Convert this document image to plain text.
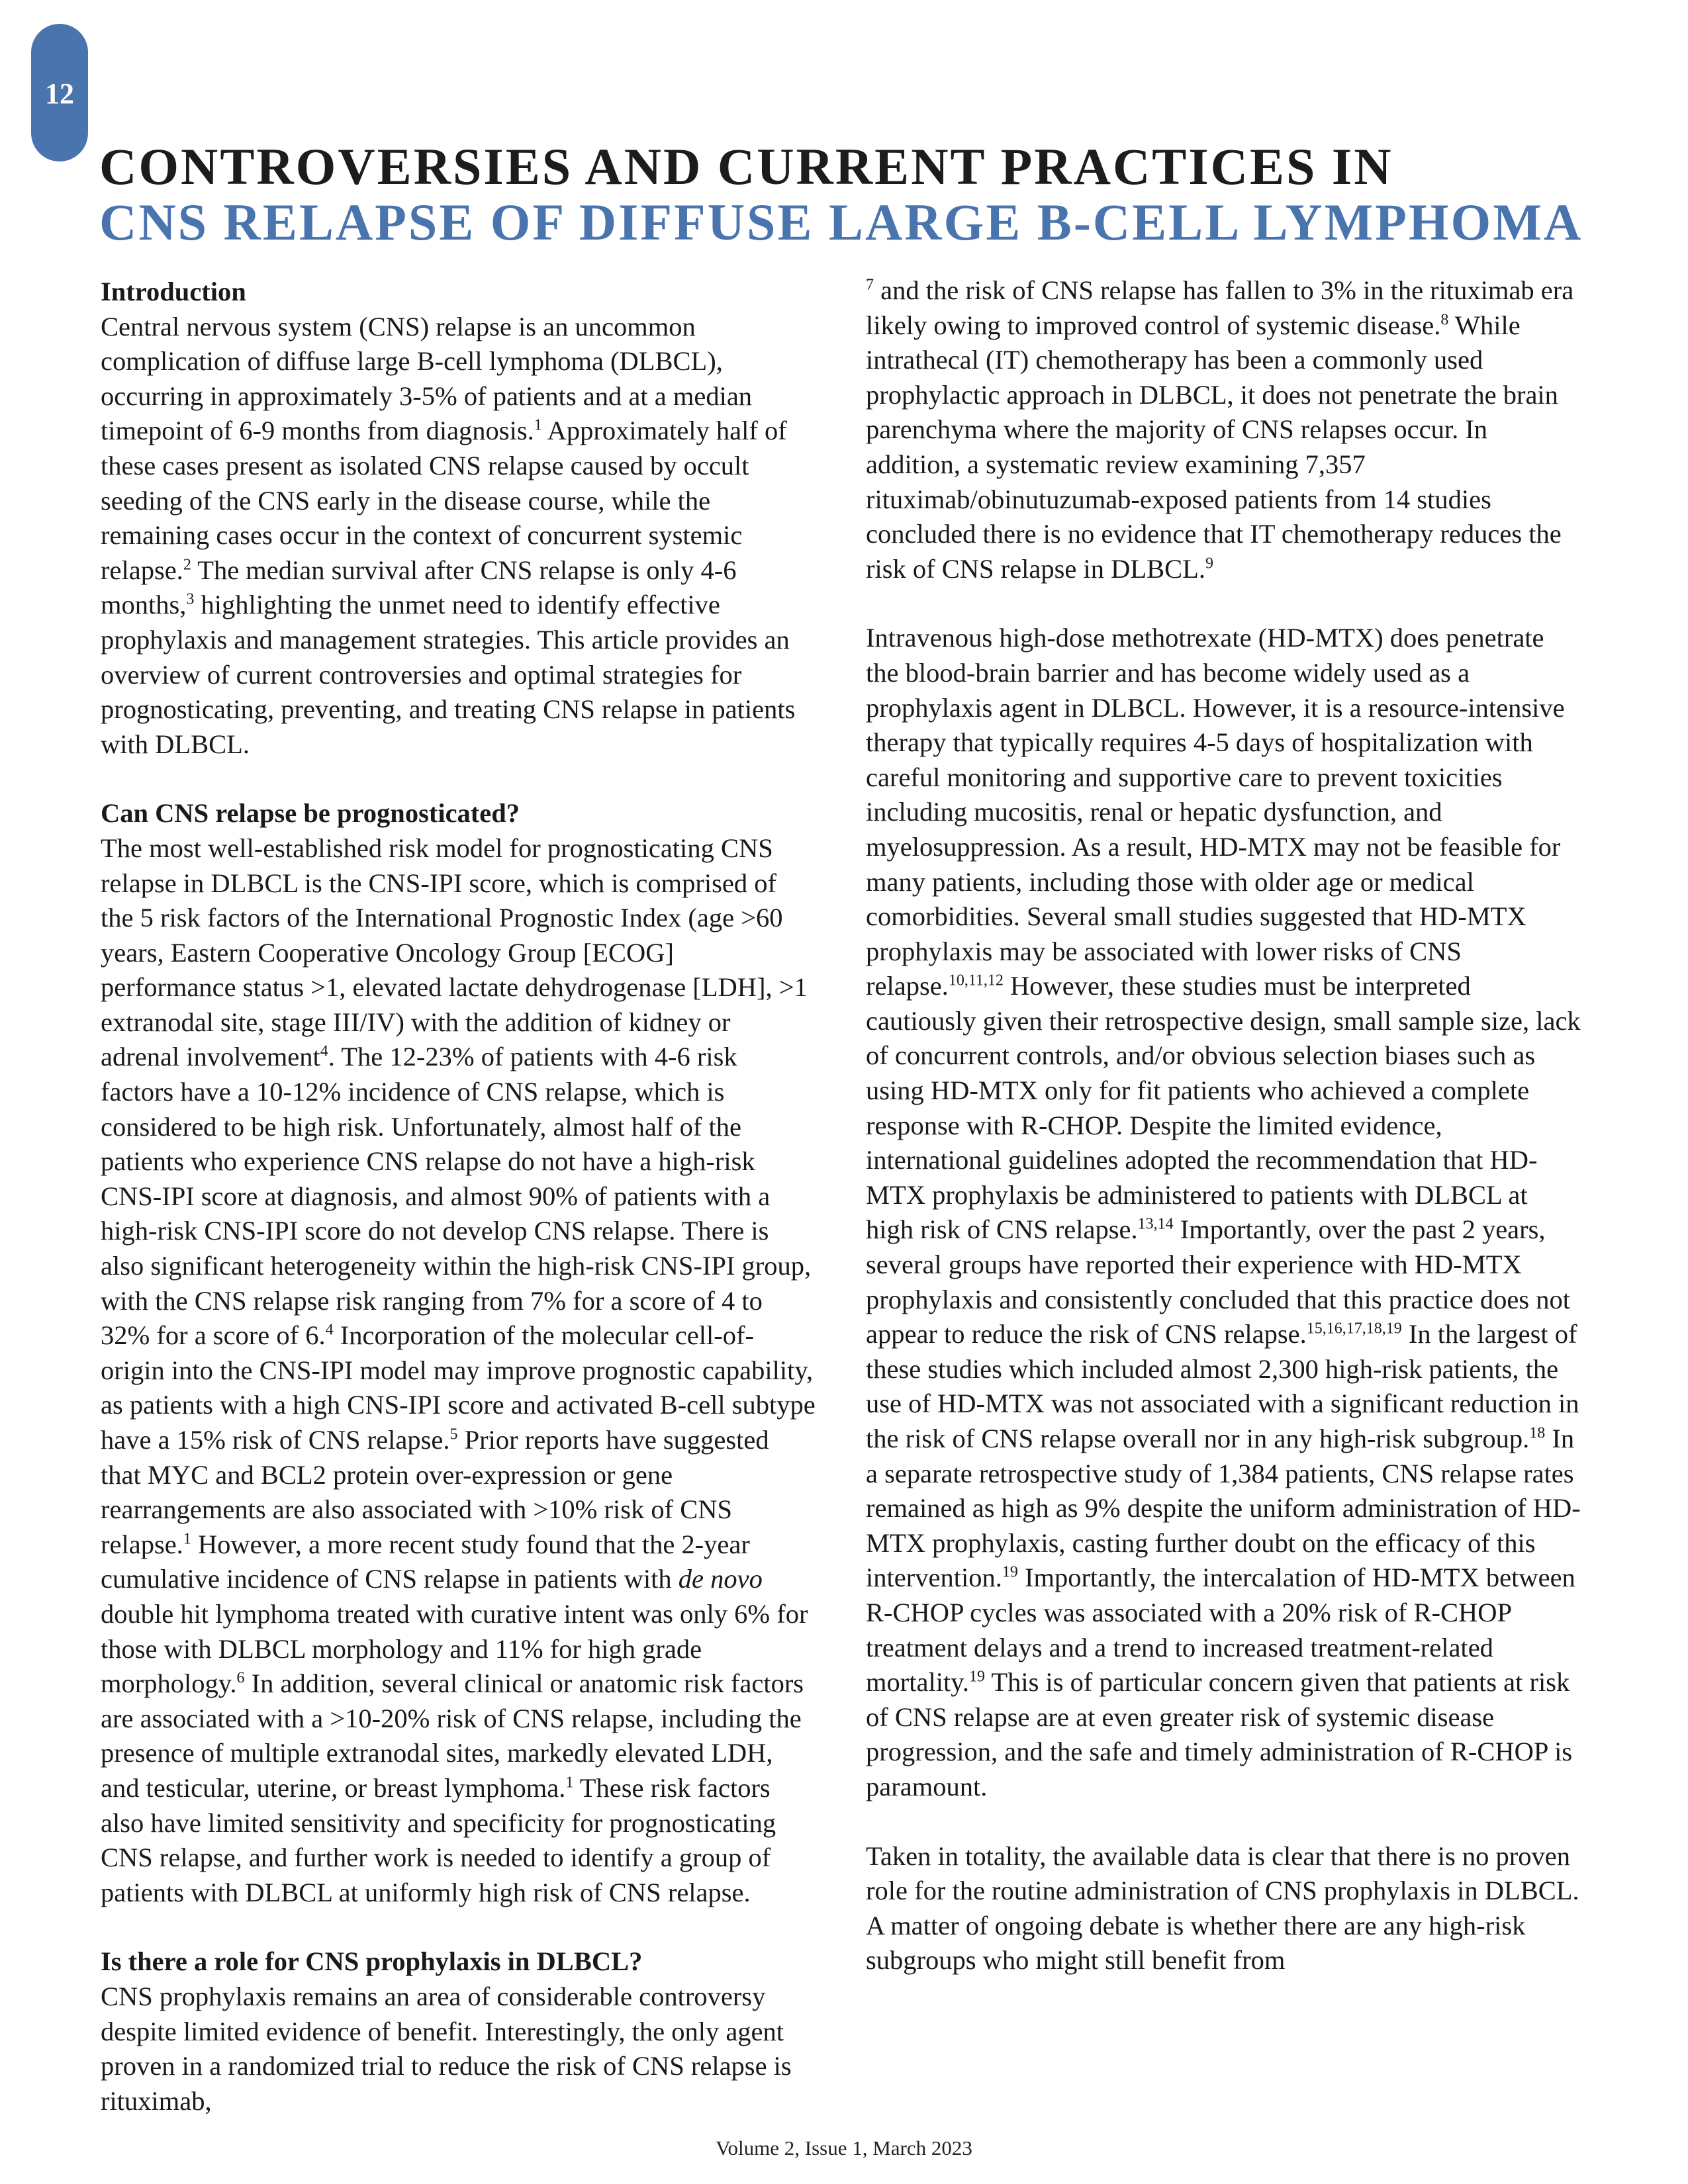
12
CONTROVERSIES AND CURRENT PRACTICES IN
CNS RELAPSE OF DIFFUSE LARGE B-CELL LYMPHOMA
Introduction

Central nervous system (CNS) relapse is an uncommon complication of diffuse large B-cell lymphoma (DLBCL), occurring in approximately 3-5% of patients and at a median timepoint of 6-9 months from diagnosis.$^1$ Approximately half of these cases present as isolated CNS relapse caused by occult seeding of the CNS early in the disease course, while the remaining cases occur in the context of concurrent systemic relapse.$^2$ The median survival after CNS relapse is only 4-6 months,$^3$ highlighting the unmet need to identify effective prophylaxis and management strategies. This article provides an overview of current controversies and optimal strategies for prognosticating, preventing, and treating CNS relapse in patients with DLBCL.

Can CNS relapse be prognosticated?

The most well-established risk model for prognosticating CNS relapse in DLBCL is the CNS-IPI score, which is comprised of the 5 risk factors of the International Prognostic Index (age >60 years, Eastern Cooperative Oncology Group [ECOG] performance status >1, elevated lactate dehydrogenase [LDH], >1 extranodal site, stage III/IV) with the addition of kidney or adrenal involvement$^4$. The 12-23% of patients with 4-6 risk factors have a 10-12% incidence of CNS relapse, which is considered to be high risk. Unfortunately, almost half of the patients who experience CNS relapse do not have a high-risk CNS-IPI score at diagnosis, and almost 90% of patients with a high-risk CNS-IPI score do not develop CNS relapse. There is also significant heterogeneity within the high-risk CNS-IPI group, with the CNS relapse risk ranging from 7% for a score of 4 to 32% for a score of 6.$^4$ Incorporation of the molecular cell-of-origin into the CNS-IPI model may improve prognostic capability, as patients with a high CNS-IPI score and activated B-cell subtype have a 15% risk of CNS relapse.$^5$ Prior reports have suggested that MYC and BCL2 protein over-expression or gene rearrangements are also associated with >10% risk of CNS relapse.$^1$ However, a more recent study found that the 2-year cumulative incidence of CNS relapse in patients with de novo double hit lymphoma treated with curative intent was only 6% for those with DLBCL morphology and 11% for high grade morphology.$^6$ In addition, several clinical or anatomic risk factors are associated with a >10-20% risk of CNS relapse, including the presence of multiple extranodal sites, markedly elevated LDH, and testicular, uterine, or breast lymphoma.$^1$ These risk factors also have limited sensitivity and specificity for prognosticating CNS relapse, and further work is needed to identify a group of patients with DLBCL at uniformly high risk of CNS relapse.

Is there a role for CNS prophylaxis in DLBCL?

CNS prophylaxis remains an area of considerable controversy despite limited evidence of benefit. Interestingly, the only agent proven in a randomized trial to reduce the risk of CNS relapse is rituximab,

$^7$ and the risk of CNS relapse has fallen to 3% in the rituximab era likely owing to improved control of systemic disease.$^8$ While intrathecal (IT) chemotherapy has been a commonly used prophylactic approach in DLBCL, it does not penetrate the brain parenchyma where the majority of CNS relapses occur. In addition, a systematic review examining 7,357 rituximab/obinutuzumab-exposed patients from 14 studies concluded there is no evidence that IT chemotherapy reduces the risk of CNS relapse in DLBCL.$^9$

Intravenous high-dose methotrexate (HD-MTX) does penetrate the blood-brain barrier and has become widely used as a prophylaxis agent in DLBCL. However, it is a resource-intensive therapy that typically requires 4-5 days of hospitalization with careful monitoring and supportive care to prevent toxicities including mucositis, renal or hepatic dysfunction, and myelosuppression. As a result, HD-MTX may not be feasible for many patients, including those with older age or medical comorbidities. Several small studies suggested that HD-MTX prophylaxis may be associated with lower risks of CNS relapse.$^{10,11,12}$ However, these studies must be interpreted cautiously given their retrospective design, small sample size, lack of concurrent controls, and/or obvious selection biases such as using HD-MTX only for fit patients who achieved a complete response with R-CHOP. Despite the limited evidence, international guidelines adopted the recommendation that HD-MTX prophylaxis be administered to patients with DLBCL at high risk of CNS relapse.$^{13,14}$ Importantly, over the past 2 years, several groups have reported their experience with HD-MTX prophylaxis and consistently concluded that this practice does not appear to reduce the risk of CNS relapse.$^{15,16,17,18,19}$ In the largest of these studies which included almost 2,300 high-risk patients, the use of HD-MTX was not associated with a significant reduction in the risk of CNS relapse overall nor in any high-risk subgroup.$^{18}$ In a separate retrospective study of 1,384 patients, CNS relapse rates remained as high as 9% despite the uniform administration of HD-MTX prophylaxis, casting further doubt on the efficacy of this intervention.$^{19}$ Importantly, the intercalation of HD-MTX between R-CHOP cycles was associated with a 20% risk of R-CHOP treatment delays and a trend to increased treatment-related mortality.$^{19}$ This is of particular concern given that patients at risk of CNS relapse are at even greater risk of systemic disease progression, and the safe and timely administration of R-CHOP is paramount.

Taken in totality, the available data is clear that there is no proven role for the routine administration of CNS prophylaxis in DLBCL. A matter of ongoing debate is whether there are any high-risk subgroups who might still benefit from

Volume 2, Issue 1, March 2023
